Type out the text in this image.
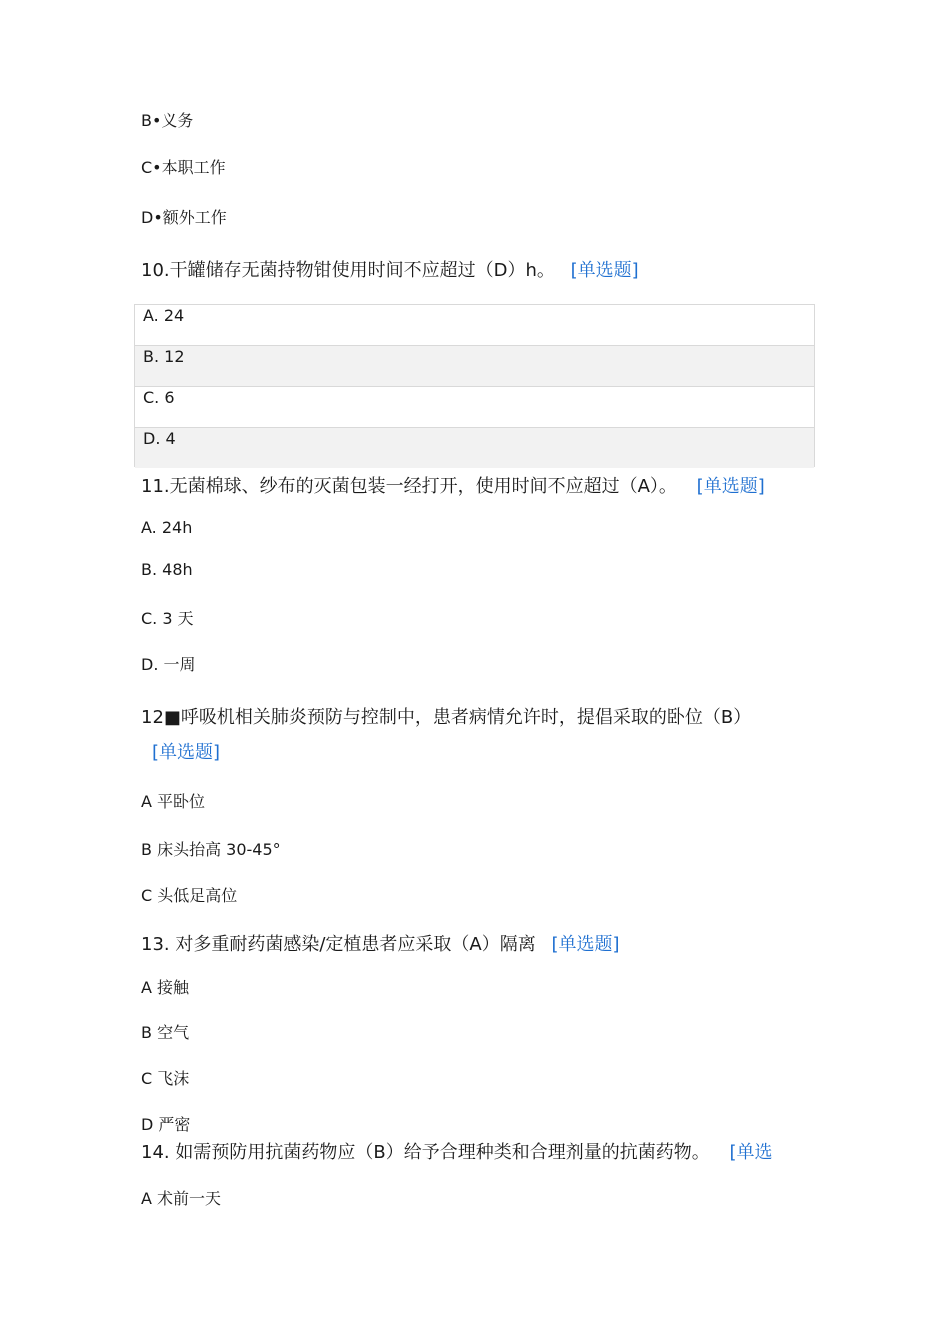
B•义务
C•本职工作
D•额外工作
10.干罐储存无菌持物钳使用时间不应超过（D）h。 [单选题]
A. 24
B. 12
C. 6
D. 4
11.无菌棉球、纱布的灭菌包装一经打开，使用时间不应超过（A）。 [单选题]
A. 24h
B. 48h
C. 3 天
D. 一周
12■呼吸机相关肺炎预防与控制中，患者病情允许时，提倡采取的卧位（B）
[单选题]
A 平卧位
B 床头抬高 30-45°
C 头低足高位
13. 对多重耐药菌感染/定植患者应采取（A）隔离 [单选题]
A 接触
B 空气
C 飞沫
D 严密
14. 如需预防用抗菌药物应（B）给予合理种类和合理剂量的抗菌药物。 [单选
A 术前一天
